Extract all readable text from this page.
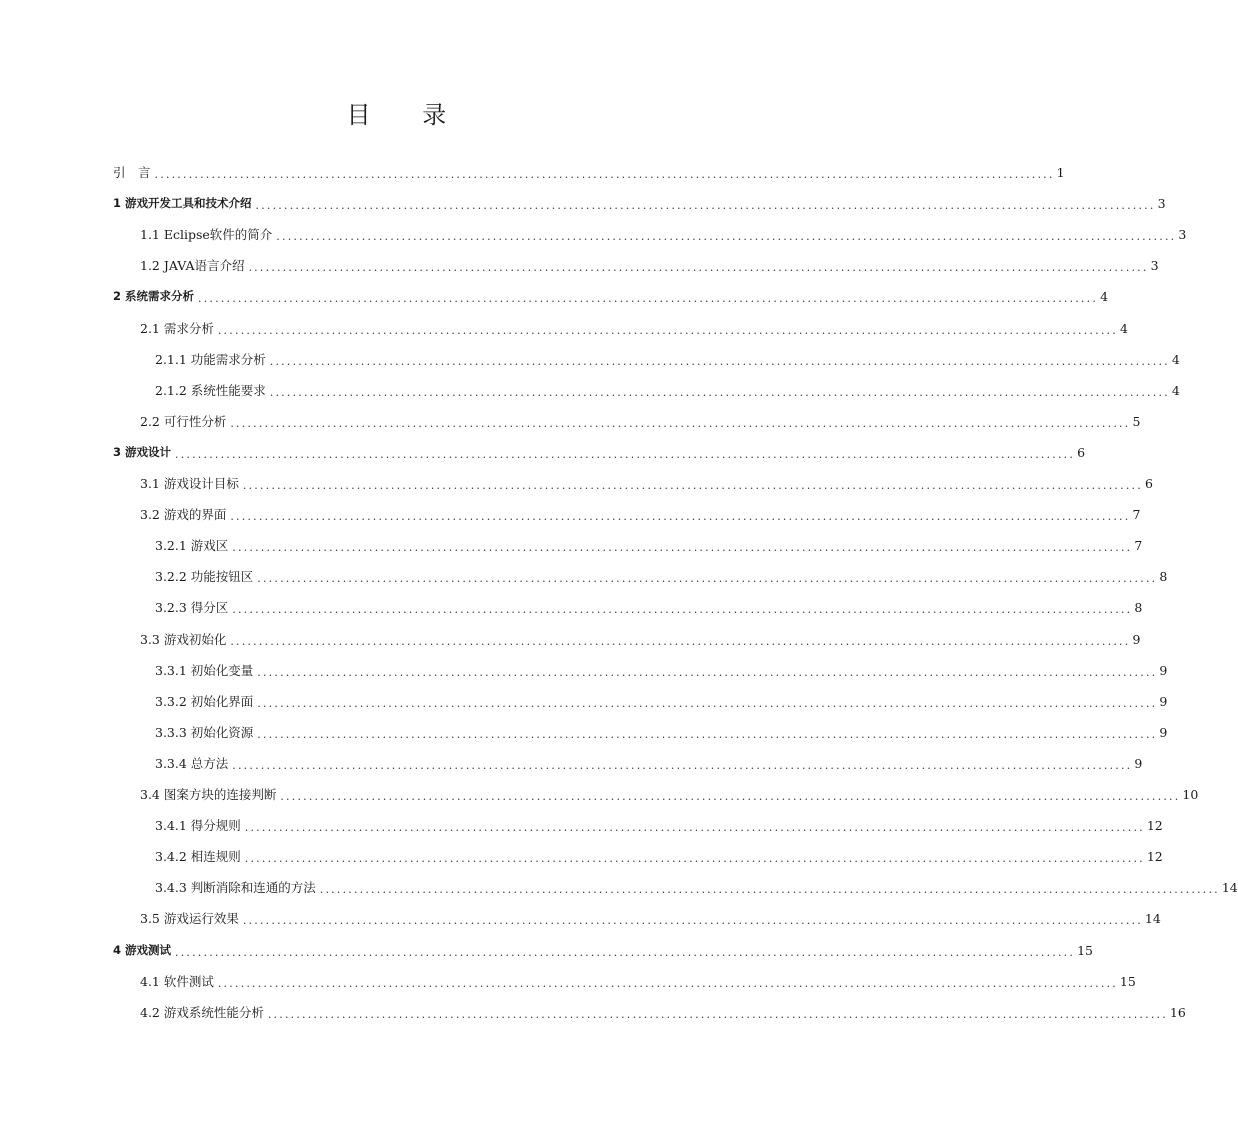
目 录
引　言 .............................................................................................................................................................. 1
1 游戏开发工具和技术介绍 .............................................................................................................................................................. 3
1.1 Eclipse软件的简介 .............................................................................................................................................................. 3
1.2 JAVA语言介绍 .............................................................................................................................................................. 3
2 系统需求分析 .............................................................................................................................................................. 4
2.1 需求分析 .............................................................................................................................................................. 4
2.1.1 功能需求分析 .............................................................................................................................................................. 4
2.1.2 系统性能要求 .............................................................................................................................................................. 4
2.2 可行性分析 .............................................................................................................................................................. 5
3 游戏设计 .............................................................................................................................................................. 6
3.1 游戏设计目标 .............................................................................................................................................................. 6
3.2 游戏的界面 .............................................................................................................................................................. 7
3.2.1 游戏区 .............................................................................................................................................................. 7
3.2.2 功能按钮区 .............................................................................................................................................................. 8
3.2.3 得分区 .............................................................................................................................................................. 8
3.3 游戏初始化 .............................................................................................................................................................. 9
3.3.1 初始化变量 .............................................................................................................................................................. 9
3.3.2 初始化界面 .............................................................................................................................................................. 9
3.3.3 初始化资源 .............................................................................................................................................................. 9
3.3.4 总方法 .............................................................................................................................................................. 9
3.4 图案方块的连接判断 .............................................................................................................................................................. 10
3.4.1 得分规则 .............................................................................................................................................................. 12
3.4.2 相连规则 .............................................................................................................................................................. 12
3.4.3 判断消除和连通的方法 .............................................................................................................................................................. 14
3.5 游戏运行效果 .............................................................................................................................................................. 14
4 游戏测试 .............................................................................................................................................................. 15
4.1 软件测试 .............................................................................................................................................................. 15
4.2 游戏系统性能分析 .............................................................................................................................................................. 16
